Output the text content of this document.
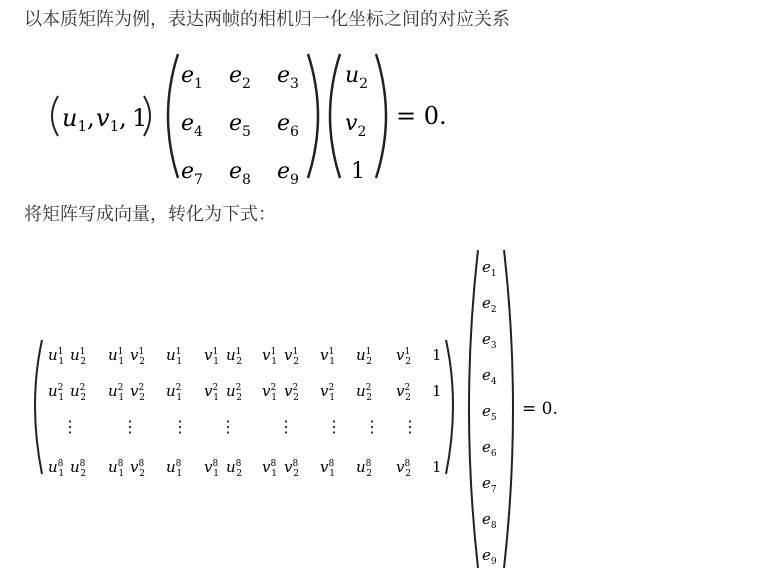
以本质矩阵为例，表达两帧的相机归一化坐标之间的对应关系
$u_1$, $v_1$, 1
$e_1$ $e_2$ $e_3$
$e_4$ $e_5$ $e_6$
$e_7$ $e_8$ $e_9$
$u_2$
$v_2$
1
= 0.
将矩阵写成向量，转化为下式：
$u^1$ 1 $u^1$ 2 $u^1$ 1 $v^1$ 2 $u^1$ 1 $v^1$ 1 $u^1$ 2 $v^1$ 1 $v^1$ 2 $v^1$ 1 $u^1$ 2 $v^1$ 2 1
$u^2$ 1 $u^2$ 2 $u^2$ 1 $v^2$ 2 $u^2$ 1 $v^2$ 1 $u^2$ 2 $v^2$ 1 $v^2$ 2 $v^2$ 1 $u^2$ 2 $v^2$ 2 1
⋮	⋮ ⋮ ⋮	⋮ ⋮ ⋮ ⋮
$u^8$ 1 $u^8$ 2 $u^8$ 1 $v^8$ 2 $u^8$ 1 $v^8$ 1 $u^8$ 2 $v^8$ 1 $v^8$ 2 $v^8$ 1 $u^8$ 2 $v^8$ 2 1
$e_1$
$e_2$
$e_3$
$e_4$
$e_5$
$e_6$
$e_7$
$e_8$
$e_9$
= 0.
